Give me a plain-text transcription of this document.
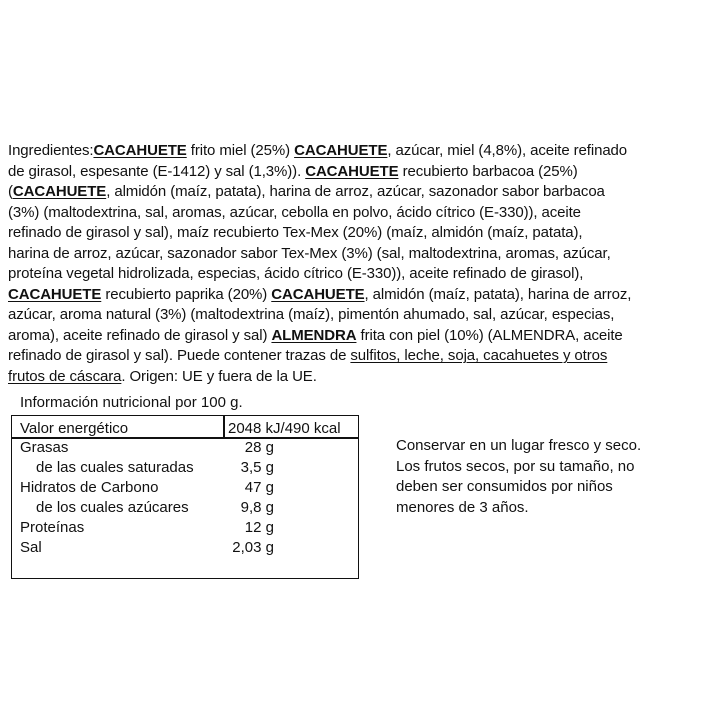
Ingredientes:CACAHUETE frito miel (25%) CACAHUETE, azúcar, miel (4,8%), aceite refinado
de girasol, espesante (E-1412) y sal (1,3%)). CACAHUETE recubierto barbacoa (25%)
(CACAHUETE, almidón (maíz, patata), harina de arroz, azúcar, sazonador sabor barbacoa
(3%) (maltodextrina, sal, aromas, azúcar, cebolla en polvo, ácido cítrico (E-330)), aceite
refinado de girasol y sal), maíz recubierto Tex-Mex (20%) (maíz, almidón (maíz, patata),
harina de arroz, azúcar, sazonador sabor Tex-Mex (3%) (sal, maltodextrina, aromas, azúcar,
proteína vegetal hidrolizada, especias, ácido cítrico (E-330)), aceite refinado de girasol),
CACAHUETE recubierto paprika (20%) CACAHUETE, almidón (maíz, patata), harina de arroz,
azúcar, aroma natural (3%) (maltodextrina (maíz), pimentón ahumado, sal, azúcar, especias,
aroma), aceite refinado de girasol y sal) ALMENDRA frita con piel (10%) (ALMENDRA, aceite
refinado de girasol y sal). Puede contener trazas de sulfitos, leche, soja, cacahuetes y otros
frutos de cáscara. Origen: UE y fuera de la UE.
Información nutricional por 100 g.
Valor energético	2048 kJ/490 kcal
Grasas	28 g
de las cuales saturadas	3,5 g
Hidratos de Carbono	47 g
de los cuales azúcares	9,8 g
Proteínas	12 g
Sal	2,03 g
Conservar en un lugar fresco y seco.
Los frutos secos, por su tamaño, no
deben ser consumidos por niños
menores de 3 años.
